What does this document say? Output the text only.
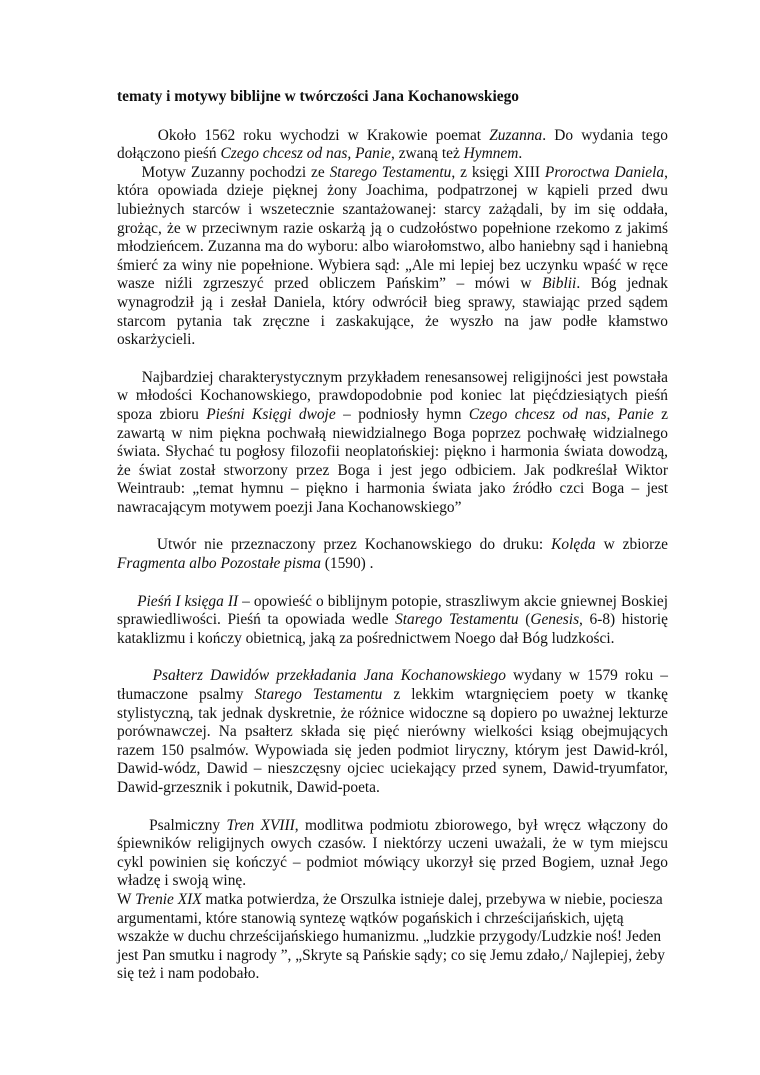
tematy i motywy biblijne w twórczości Jana Kochanowskiego

Około 1562 roku wychodzi w Krakowie poemat Zuzanna. Do wydania tego dołączono pieśń Czego chcesz od nas, Panie, zwaną też Hymnem.

Motyw Zuzanny pochodzi ze Starego Testamentu, z księgi XIII Proroctwa Daniela, która opowiada dzieje pięknej żony Joachima, podpatrzonej w kąpieli przed dwu lubieżnych starców i wszetecznie szantażowanej: starcy zażądali, by im się oddała, grożąc, że w przeciwnym razie oskarżą ją o cudzołóstwo popełnione rzekomo z jakimś młodzieńcem. Zuzanna ma do wyboru: albo wiarołomstwo, albo haniebny sąd i haniebną śmierć za winy nie popełnione. Wybiera sąd: „Ale mi lepiej bez uczynku wpaść w ręce wasze niźli zgrzeszyć przed obliczem Pańskim” – mówi w Biblii. Bóg jednak wynagrodził ją i zesłał Daniela, który odwrócił bieg sprawy, stawiając przed sądem starcom pytania tak zręczne i zaskakujące, że wyszło na jaw podłe kłamstwo oskarżycieli.

Najbardziej charakterystycznym przykładem renesansowej religijności jest powstała w młodości Kochanowskiego, prawdopodobnie pod koniec lat pięćdziesiątych pieśń spoza zbioru Pieśni Księgi dwoje – podniosły hymn Czego chcesz od nas, Panie z zawartą w nim piękna pochwałą niewidzialnego Boga poprzez pochwałę widzialnego świata. Słychać tu pogłosy filozofii neoplatońskiej: piękno i harmonia świata dowodzą, że świat został stworzony przez Boga i jest jego odbiciem. Jak podkreślał Wiktor Weintraub: „temat hymnu – piękno i harmonia świata jako źródło czci Boga – jest nawracającym motywem poezji Jana Kochanowskiego”

Utwór nie przeznaczony przez Kochanowskiego do druku: Kolęda w zbiorze Fragmenta albo Pozostałe pisma (1590) .

Pieśń I księga II – opowieść o biblijnym potopie, straszliwym akcie gniewnej Boskiej sprawiedliwości. Pieśń ta opowiada wedle Starego Testamentu (Genesis, 6-8) historię kataklizmu i kończy obietnicą, jaką za pośrednictwem Noego dał Bóg ludzkości.

Psałterz Dawidów przekładania Jana Kochanowskiego wydany w 1579 roku – tłumaczone psalmy Starego Testamentu z lekkim wtargnięciem poety w tkankę stylistyczną, tak jednak dyskretnie, że różnice widoczne są dopiero po uważnej lekturze porównawczej. Na psałterz składa się pięć nierówny wielkości ksiąg obejmujących razem 150 psalmów. Wypowiada się jeden podmiot liryczny, którym jest Dawid-król, Dawid-wódz, Dawid – nieszczęsny ojciec uciekający przed synem, Dawid-tryumfator, Dawid-grzesznik i pokutnik, Dawid-poeta.

Psalmiczny Tren XVIII, modlitwa podmiotu zbiorowego, był wręcz włączony do śpiewników religijnych owych czasów. I niektórzy uczeni uważali, że w tym miejscu cykl powinien się kończyć – podmiot mówiący ukorzył się przed Bogiem, uznał Jego władzę i swoją winę.

W Trenie XIX matka potwierdza, że Orszulka istnieje dalej, przebywa w niebie, pociesza argumentami, które stanowią syntezę wątków pogańskich i chrześcijańskich, ujętą wszakże w duchu chrześcijańskiego humanizmu. „ludzkie przygody/Ludzkie noś! Jeden jest Pan smutku i nagrody ”, „Skryte są Pańskie sądy; co się Jemu zdało,/ Najlepiej, żeby się też i nam podobało.
